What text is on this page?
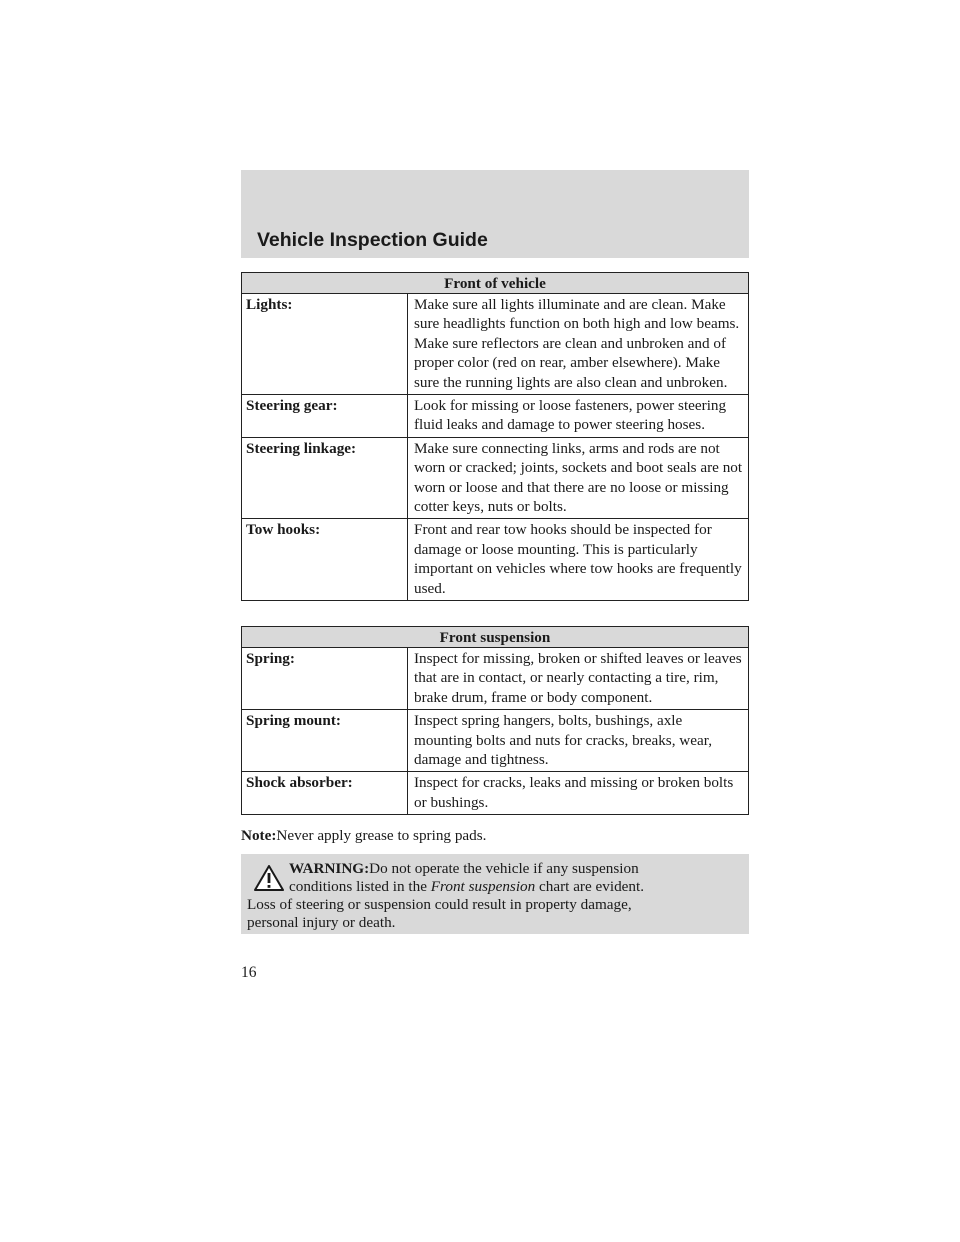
Vehicle Inspection Guide
Front of vehicle	
Lights:	Make sure all lights illuminate and are clean. Make sure headlights function on both high and low beams. Make sure reflectors are clean and unbroken and of proper color (red on rear, amber elsewhere). Make sure the running lights are also clean and unbroken.
Steering gear:	Look for missing or loose fasteners, power steering fluid leaks and damage to power steering hoses.
Steering linkage:	Make sure connecting links, arms and rods are not worn or cracked; joints, sockets and boot seals are not worn or loose and that there are no loose or missing cotter keys, nuts or bolts.
Tow hooks:	Front and rear tow hooks should be inspected for damage or loose mounting. This is particularly important on vehicles where tow hooks are frequently used.
Front suspension	
Spring:	Inspect for missing, broken or shifted leaves or leaves that are in contact, or nearly contacting a tire, rim, brake drum, frame or body component.
Spring mount:	Inspect spring hangers, bolts, bushings, axle mounting bolts and nuts for cracks, breaks, wear, damage and tightness.
Shock absorber:	Inspect for cracks, leaks and missing or broken bolts or bushings.
Note:Never apply grease to spring pads.
WARNING:Do not operate the vehicle if any suspension
conditions listed in the Front suspension chart are evident.
Loss of steering or suspension could result in property damage,
personal injury or death.
16
